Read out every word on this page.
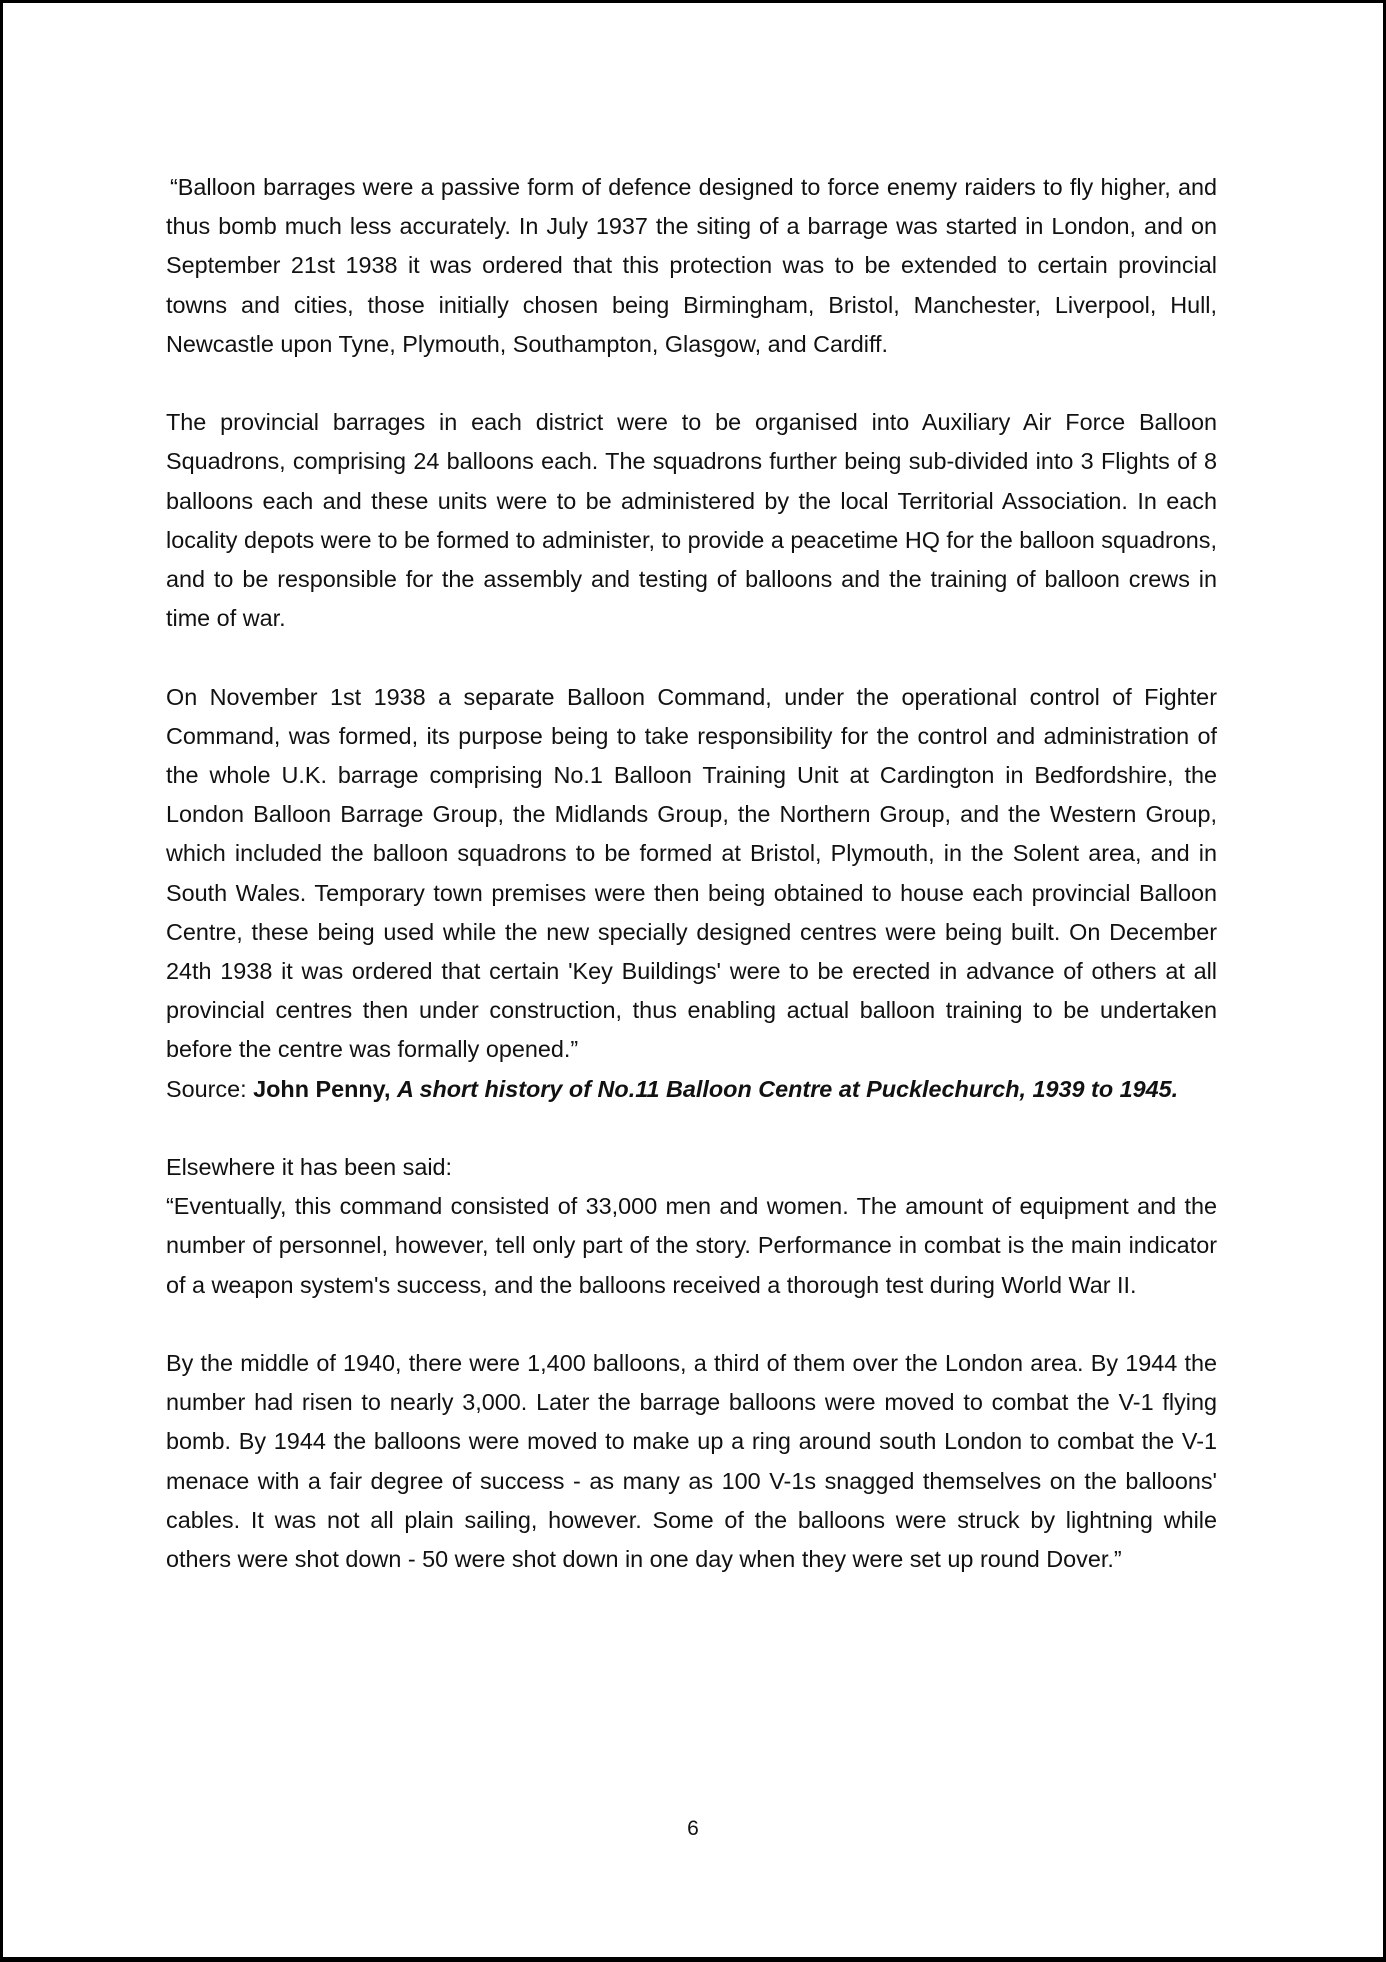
“Balloon barrages were a passive form of defence designed to force enemy raiders to fly higher, and thus bomb much less accurately. In July 1937 the siting of a barrage was started in London, and on September 21st 1938 it was ordered that this protection was to be extended to certain provincial towns and cities, those initially chosen being Birmingham, Bristol, Manchester, Liverpool, Hull, Newcastle upon Tyne, Plymouth, Southampton, Glasgow, and Cardiff.

The provincial barrages in each district were to be organised into Auxiliary Air Force Balloon Squadrons, comprising 24 balloons each. The squadrons further being sub-divided into 3 Flights of 8 balloons each and these units were to be administered by the local Territorial Association. In each locality depots were to be formed to administer, to provide a peacetime HQ for the balloon squadrons, and to be responsible for the assembly and testing of balloons and the training of balloon crews in time of war.

On November 1st 1938 a separate Balloon Command, under the operational control of Fighter Command, was formed, its purpose being to take responsibility for the control and administration of the whole U.K. barrage comprising No.1 Balloon Training Unit at Cardington in Bedfordshire, the London Balloon Barrage Group, the Midlands Group, the Northern Group, and the Western Group, which included the balloon squadrons to be formed at Bristol, Plymouth, in the Solent area, and in South Wales. Temporary town premises were then being obtained to house each provincial Balloon Centre, these being used while the new specially designed centres were being built. On December 24th 1938 it was ordered that certain 'Key Buildings' were to be erected in advance of others at all provincial centres then under construction, thus enabling actual balloon training to be undertaken before the centre was formally opened.”

Source: John Penny, A short history of No.11 Balloon Centre at Pucklechurch, 1939 to 1945.

Elsewhere it has been said:

“Eventually, this command consisted of 33,000 men and women. The amount of equipment and the number of personnel, however, tell only part of the story. Performance in combat is the main indicator of a weapon system's success, and the balloons received a thorough test during World War II.

By the middle of 1940, there were 1,400 balloons, a third of them over the London area. By 1944 the number had risen to nearly 3,000. Later the barrage balloons were moved to combat the V-1 flying bomb. By 1944 the balloons were moved to make up a ring around south London to combat the V-1 menace with a fair degree of success - as many as 100 V-1s snagged themselves on the balloons' cables. It was not all plain sailing, however. Some of the balloons were struck by lightning while others were shot down - 50 were shot down in one day when they were set up round Dover.”

6
